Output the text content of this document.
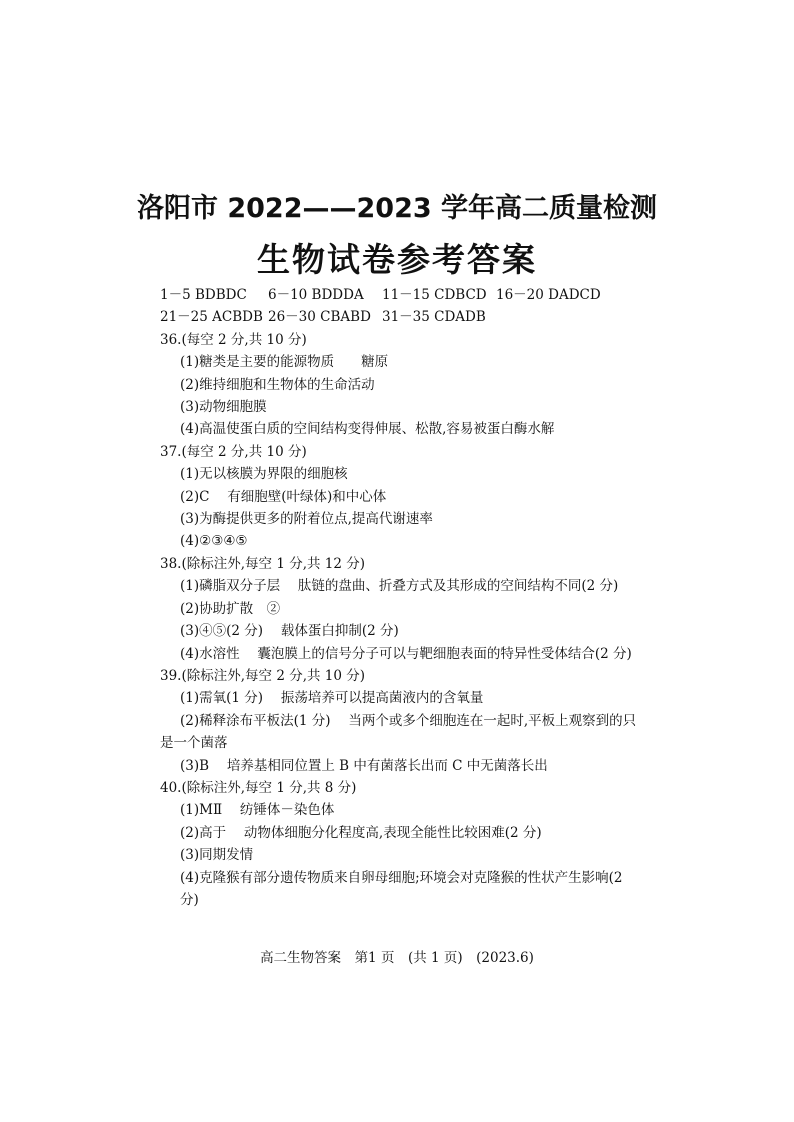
洛阳市 2022——2023 学年高二质量检测
生物试卷参考答案
1－5 BDBDC	6－10 BDDDA	11－15 CDBCD 16－20 DADCD
21－25 ACBDB 26－30 CBABD 31－35 CDADB
36.(每空 2 分,共 10 分)
(1)糖类是主要的能源物质　　糖原
(2)维持细胞和生物体的生命活动
(3)动物细胞膜
(4)高温使蛋白质的空间结构变得伸展、松散,容易被蛋白酶水解
37.(每空 2 分,共 10 分)
(1)无以核膜为界限的细胞核
(2)C　 有细胞壁(叶绿体)和中心体
(3)为酶提供更多的附着位点,提高代谢速率
(4)②③④⑤
38.(除标注外,每空 1 分,共 12 分)
(1)磷脂双分子层　 肽链的盘曲、折叠方式及其形成的空间结构不同(2 分)
(2)协助扩散　②
(3)④⑤(2 分)　 载体蛋白抑制(2 分)
(4)水溶性　 囊泡膜上的信号分子可以与靶细胞表面的特异性受体结合(2 分)
39.(除标注外,每空 2 分,共 10 分)
(1)需氧(1 分)　 振荡培养可以提高菌液内的含氧量
(2)稀释涂布平板法(1 分)　 当两个或多个细胞连在一起时,平板上观察到的只
是一个菌落
(3)B　 培养基相同位置上 B 中有菌落长出而 C 中无菌落长出
40.(除标注外,每空 1 分,共 8 分)
(1)MⅡ　 纺锤体－染色体
(2)高于　 动物体细胞分化程度高,表现全能性比较困难(2 分)
(3)同期发情
(4)克隆猴有部分遗传物质来自卵母细胞;环境会对克隆猴的性状产生影响(2
分)
高二生物答案　第1 页　(共 1 页)　(2023.6)
